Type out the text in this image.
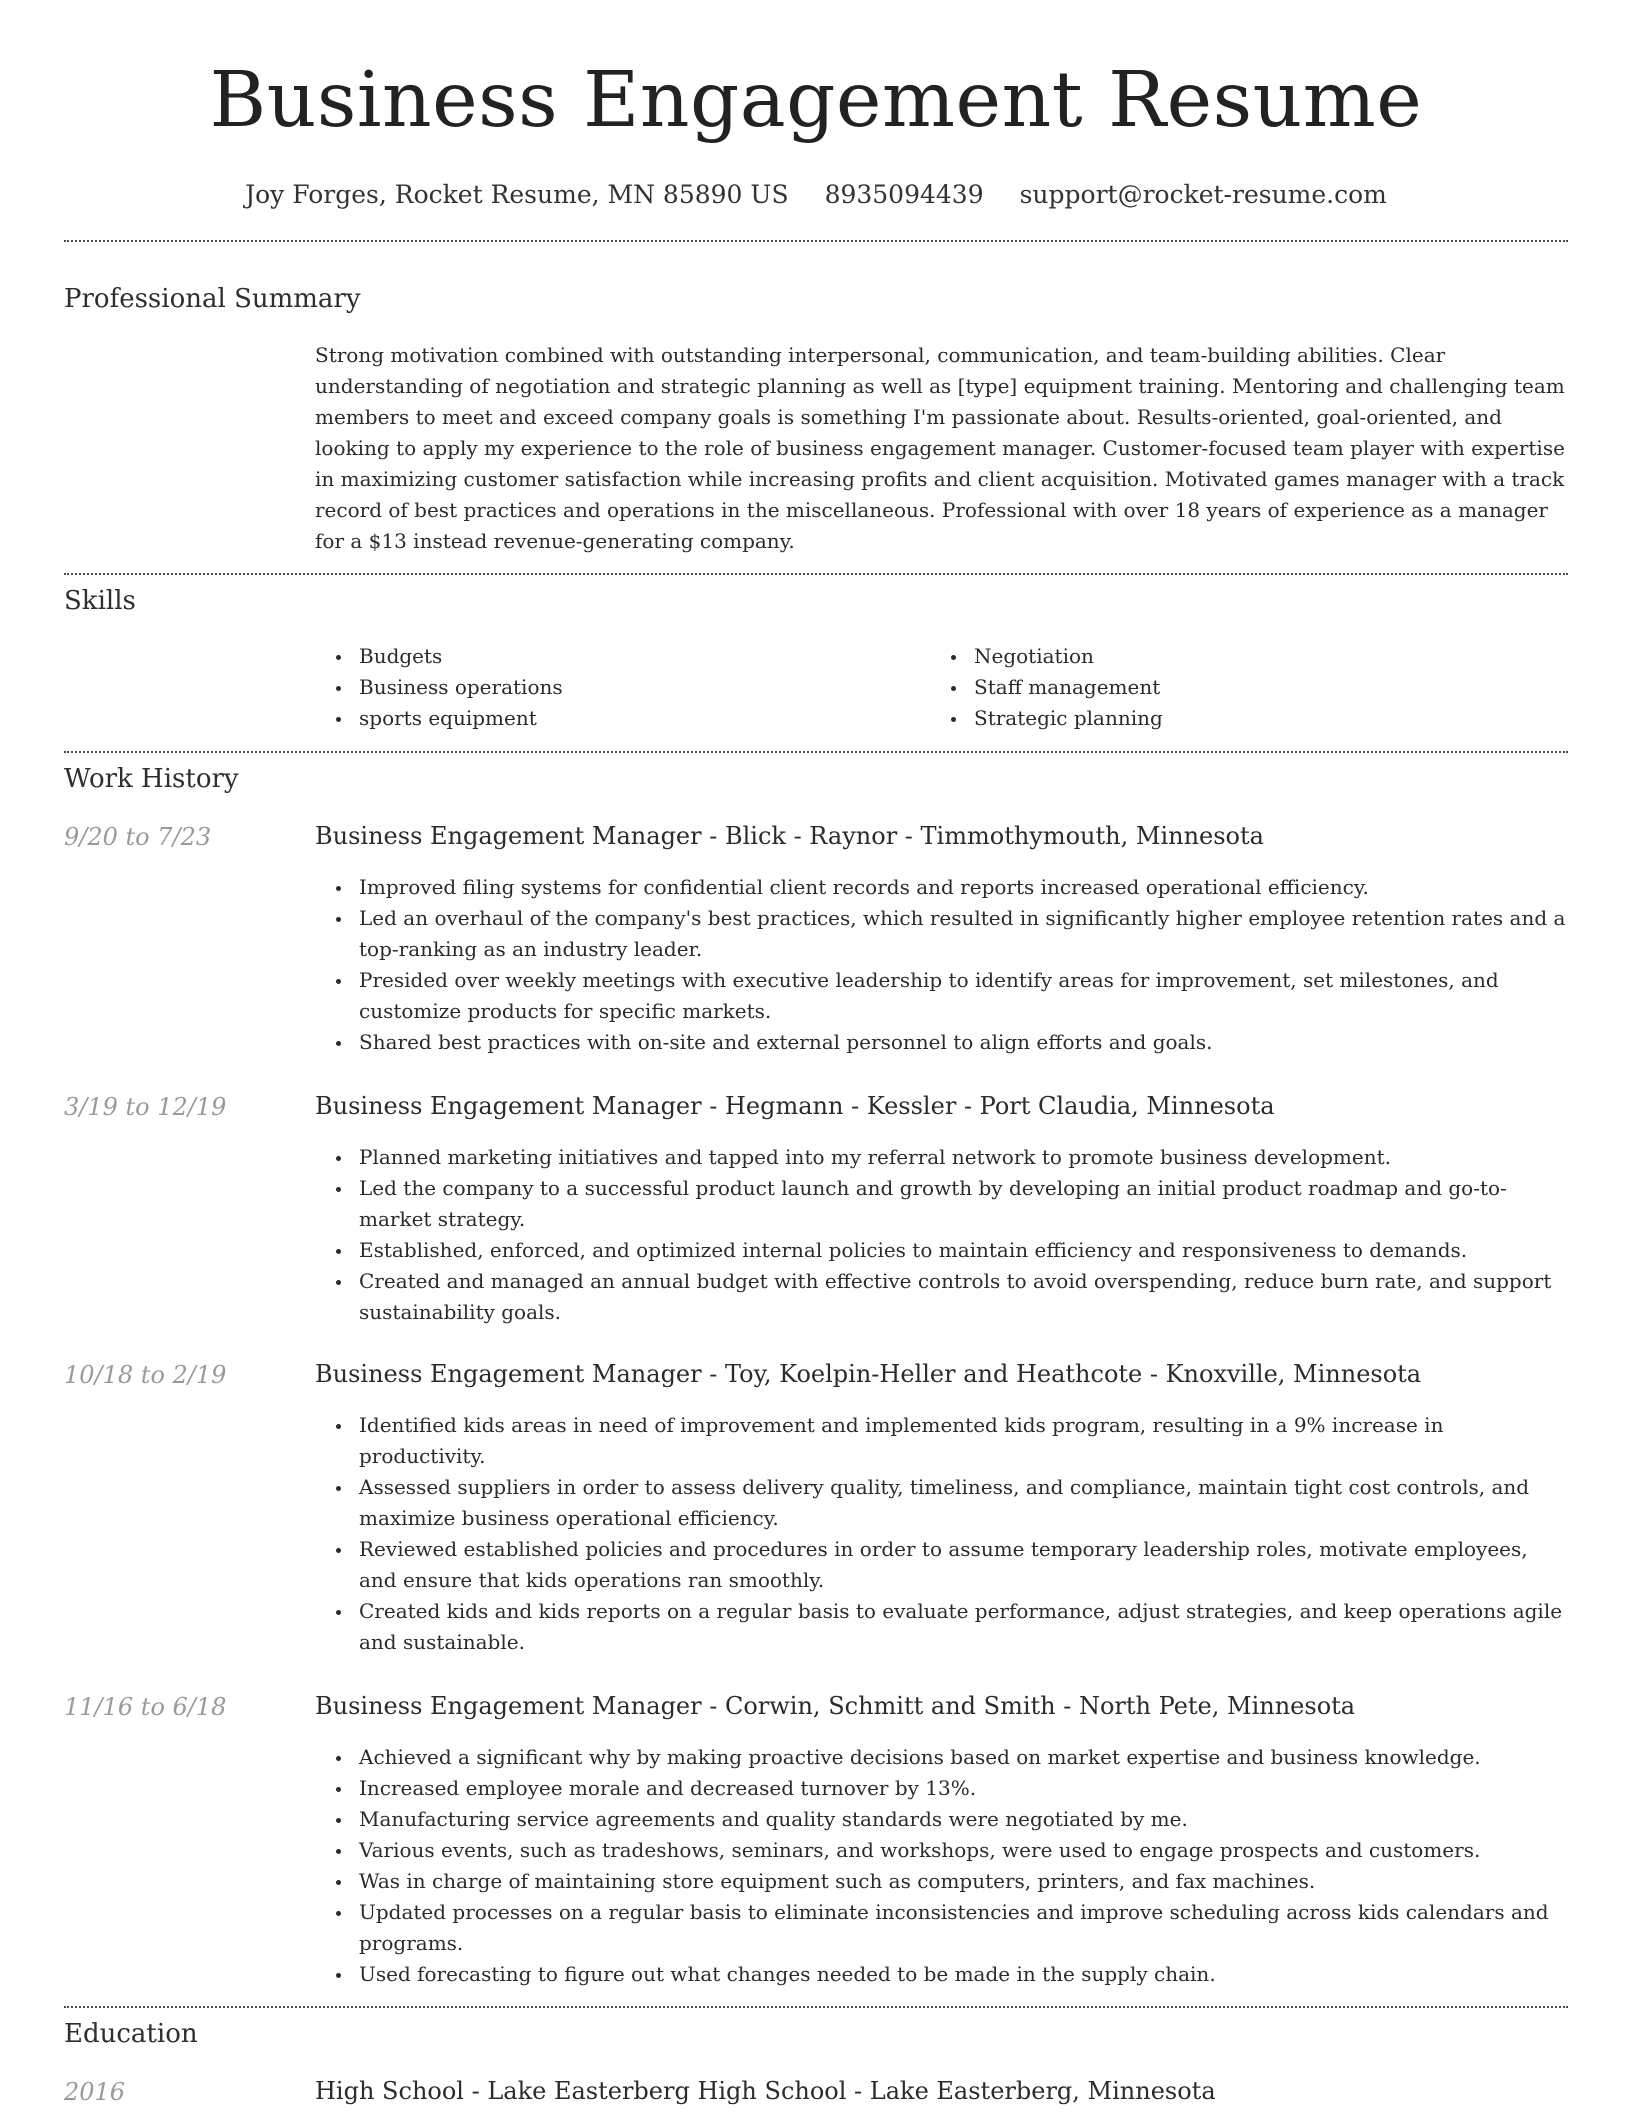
Business Engagement Resume
Joy Forges, Rocket Resume, MN 85890 US 8935094439 support@rocket-resume.com
Professional Summary

Strong motivation combined with outstanding interpersonal, communication, and team-building abilities. Clear understanding of negotiation and strategic planning as well as [type] equipment training. Mentoring and challenging team members to meet and exceed company goals is something I'm passionate about. Results-oriented, goal-oriented, and looking to apply my experience to the role of business engagement manager. Customer-focused team player with expertise in maximizing customer satisfaction while increasing profits and client acquisition. Motivated games manager with a track record of best practices and operations in the miscellaneous. Professional with over 18 years of experience as a manager for a $13 instead revenue-generating company.

Skills
Budgets
Business operations
sports equipment
Negotiation
Staff management
Strategic planning
Work History
9/20 to 7/23	Business Engagement Manager - Blick - Raynor - Timmothymouth, Minnesota
Improved filing systems for confidential client records and reports increased operational efficiency.
Led an overhaul of the company's best practices, which resulted in significantly higher employee retention rates and a top-ranking as an industry leader.
Presided over weekly meetings with executive leadership to identify areas for improvement, set milestones, and customize products for specific markets.
Shared best practices with on-site and external personnel to align efforts and goals.
3/19 to 12/19	Business Engagement Manager - Hegmann - Kessler - Port Claudia, Minnesota
Planned marketing initiatives and tapped into my referral network to promote business development.
Led the company to a successful product launch and growth by developing an initial product roadmap and go-to-market strategy.
Established, enforced, and optimized internal policies to maintain efficiency and responsiveness to demands.
Created and managed an annual budget with effective controls to avoid overspending, reduce burn rate, and support sustainability goals.
10/18 to 2/19	Business Engagement Manager - Toy, Koelpin-Heller and Heathcote - Knoxville, Minnesota
Identified kids areas in need of improvement and implemented kids program, resulting in a 9% increase in productivity.
Assessed suppliers in order to assess delivery quality, timeliness, and compliance, maintain tight cost controls, and maximize business operational efficiency.
Reviewed established policies and procedures in order to assume temporary leadership roles, motivate employees, and ensure that kids operations ran smoothly.
Created kids and kids reports on a regular basis to evaluate performance, adjust strategies, and keep operations agile and sustainable.
11/16 to 6/18	Business Engagement Manager - Corwin, Schmitt and Smith - North Pete, Minnesota
Achieved a significant why by making proactive decisions based on market expertise and business knowledge.
Increased employee morale and decreased turnover by 13%.
Manufacturing service agreements and quality standards were negotiated by me.
Various events, such as tradeshows, seminars, and workshops, were used to engage prospects and customers.
Was in charge of maintaining store equipment such as computers, printers, and fax machines.
Updated processes on a regular basis to eliminate inconsistencies and improve scheduling across kids calendars and programs.
Used forecasting to figure out what changes needed to be made in the supply chain.
Education
2016	High School - Lake Easterberg High School - Lake Easterberg, Minnesota
